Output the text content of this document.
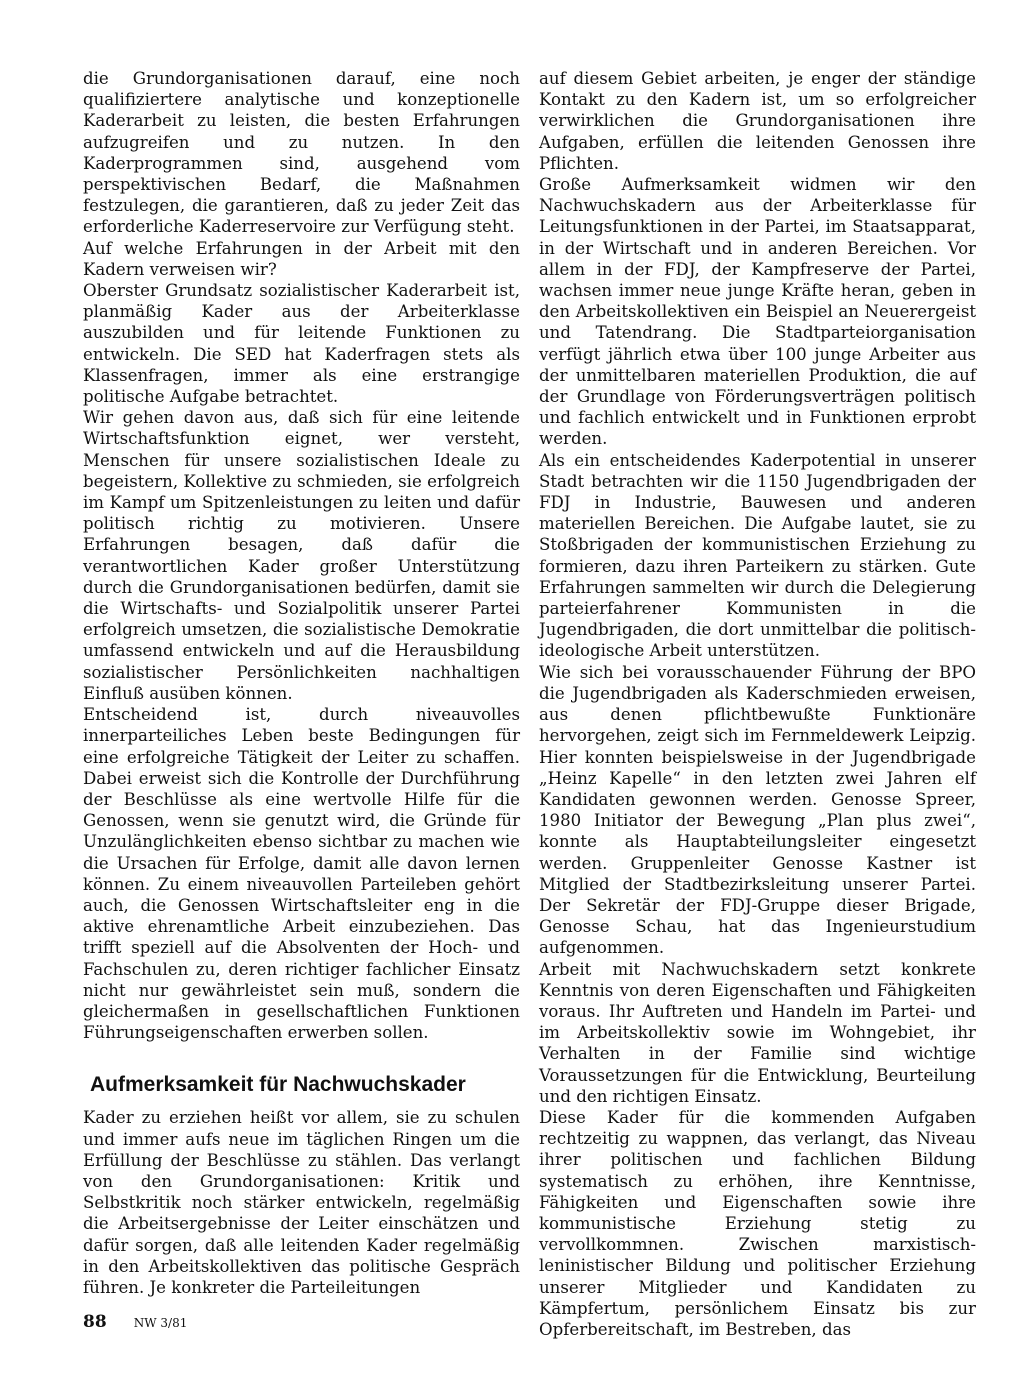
die Grundorganisationen darauf, eine noch qualifiziertere analytische und konzeptionelle Kaderarbeit zu leisten, die besten Erfahrungen aufzugreifen und zu nutzen. In den Kaderprogrammen sind, ausgehend vom perspektivischen Bedarf, die Maßnahmen festzulegen, die garantieren, daß zu jeder Zeit das erforderliche Kaderreservoire zur Verfügung steht.

Auf welche Erfahrungen in der Arbeit mit den Kadern verweisen wir?

Oberster Grundsatz sozialistischer Kaderarbeit ist, planmäßig Kader aus der Arbeiterklasse auszubilden und für leitende Funktionen zu entwickeln. Die SED hat Kaderfragen stets als Klassenfragen, immer als eine erstrangige politische Aufgabe betrachtet.

Wir gehen davon aus, daß sich für eine leitende Wirtschaftsfunktion eignet, wer versteht, Menschen für unsere sozialistischen Ideale zu begeistern, Kollektive zu schmieden, sie erfolgreich im Kampf um Spitzenleistungen zu leiten und dafür politisch richtig zu motivieren. Unsere Erfahrungen besagen, daß dafür die verantwortlichen Kader großer Unterstützung durch die Grundorganisationen bedürfen, damit sie die Wirtschafts- und Sozialpolitik unserer Partei erfolgreich umsetzen, die sozialistische Demokratie umfassend entwickeln und auf die Herausbildung sozialistischer Persönlichkeiten nachhaltigen Einfluß ausüben können.

Entscheidend ist, durch niveauvolles innerparteiliches Leben beste Bedingungen für eine erfolgreiche Tätigkeit der Leiter zu schaffen. Dabei erweist sich die Kontrolle der Durchführung der Beschlüsse als eine wertvolle Hilfe für die Genossen, wenn sie genutzt wird, die Gründe für Unzulänglichkeiten ebenso sichtbar zu machen wie die Ursachen für Erfolge, damit alle davon lernen können. Zu einem niveauvollen Parteileben gehört auch, die Genossen Wirtschaftsleiter eng in die aktive ehrenamtliche Arbeit einzubeziehen. Das trifft speziell auf die Absolventen der Hoch- und Fachschulen zu, deren richtiger fachlicher Einsatz nicht nur gewährleistet sein muß, sondern die gleichermaßen in gesellschaftlichen Funktionen Führungseigenschaften erwerben sollen.

Aufmerksamkeit für Nachwuchskader

Kader zu erziehen heißt vor allem, sie zu schulen und immer aufs neue im täglichen Ringen um die Erfüllung der Beschlüsse zu stählen. Das verlangt von den Grundorganisationen: Kritik und Selbstkritik noch stärker entwickeln, regelmäßig die Arbeitsergebnisse der Leiter einschätzen und dafür sorgen, daß alle leitenden Kader regelmäßig in den Arbeitskollektiven das politische Gespräch führen. Je konkreter die Parteileitungen

auf diesem Gebiet arbeiten, je enger der ständige Kontakt zu den Kadern ist, um so erfolgreicher verwirklichen die Grundorganisationen ihre Aufgaben, erfüllen die leitenden Genossen ihre Pflichten.

Große Aufmerksamkeit widmen wir den Nachwuchskadern aus der Arbeiterklasse für Leitungsfunktionen in der Partei, im Staatsapparat, in der Wirtschaft und in anderen Bereichen. Vor allem in der FDJ, der Kampfreserve der Partei, wachsen immer neue junge Kräfte heran, geben in den Arbeitskollektiven ein Beispiel an Neuerergeist und Tatendrang. Die Stadtparteiorganisation verfügt jährlich etwa über 100 junge Arbeiter aus der unmittelbaren materiellen Produktion, die auf der Grundlage von Förderungsverträgen politisch und fachlich entwickelt und in Funktionen erprobt werden.

Als ein entscheidendes Kaderpotential in unserer Stadt betrachten wir die 1150 Jugendbrigaden der FDJ in Industrie, Bauwesen und anderen materiellen Bereichen. Die Aufgabe lautet, sie zu Stoßbrigaden der kommunistischen Erziehung zu formieren, dazu ihren Parteikern zu stärken. Gute Erfahrungen sammelten wir durch die Delegierung parteierfahrener Kommunisten in die Jugendbrigaden, die dort unmittelbar die politisch-ideologische Arbeit unterstützen.

Wie sich bei vorausschauender Führung der BPO die Jugendbrigaden als Kaderschmieden erweisen, aus denen pflichtbewußte Funktionäre hervorgehen, zeigt sich im Fernmeldewerk Leipzig. Hier konnten beispielsweise in der Jugendbrigade „Heinz Kapelle“ in den letzten zwei Jahren elf Kandidaten gewonnen werden. Genosse Spreer, 1980 Initiator der Bewegung „Plan plus zwei“, konnte als Hauptabteilungsleiter eingesetzt werden. Gruppenleiter Genosse Kastner ist Mitglied der Stadtbezirksleitung unserer Partei. Der Sekretär der FDJ-Gruppe dieser Brigade, Genosse Schau, hat das Ingenieurstudium aufgenommen.

Arbeit mit Nachwuchskadern setzt konkrete Kenntnis von deren Eigenschaften und Fähigkeiten voraus. Ihr Auftreten und Handeln im Partei- und im Arbeitskollektiv sowie im Wohngebiet, ihr Verhalten in der Familie sind wichtige Voraussetzungen für die Entwicklung, Beurteilung und den richtigen Einsatz.

Diese Kader für die kommenden Aufgaben rechtzeitig zu wappnen, das verlangt, das Niveau ihrer politischen und fachlichen Bildung systematisch zu erhöhen, ihre Kenntnisse, Fähigkeiten und Eigenschaften sowie ihre kommunistische Erziehung stetig zu vervollkommnen. Zwischen marxistisch-leninistischer Bildung und politischer Erziehung unserer Mitglieder und Kandidaten zu Kämpfertum, persönlichem Einsatz bis zur Opferbereitschaft, im Bestreben, das

88 NW 3/81
